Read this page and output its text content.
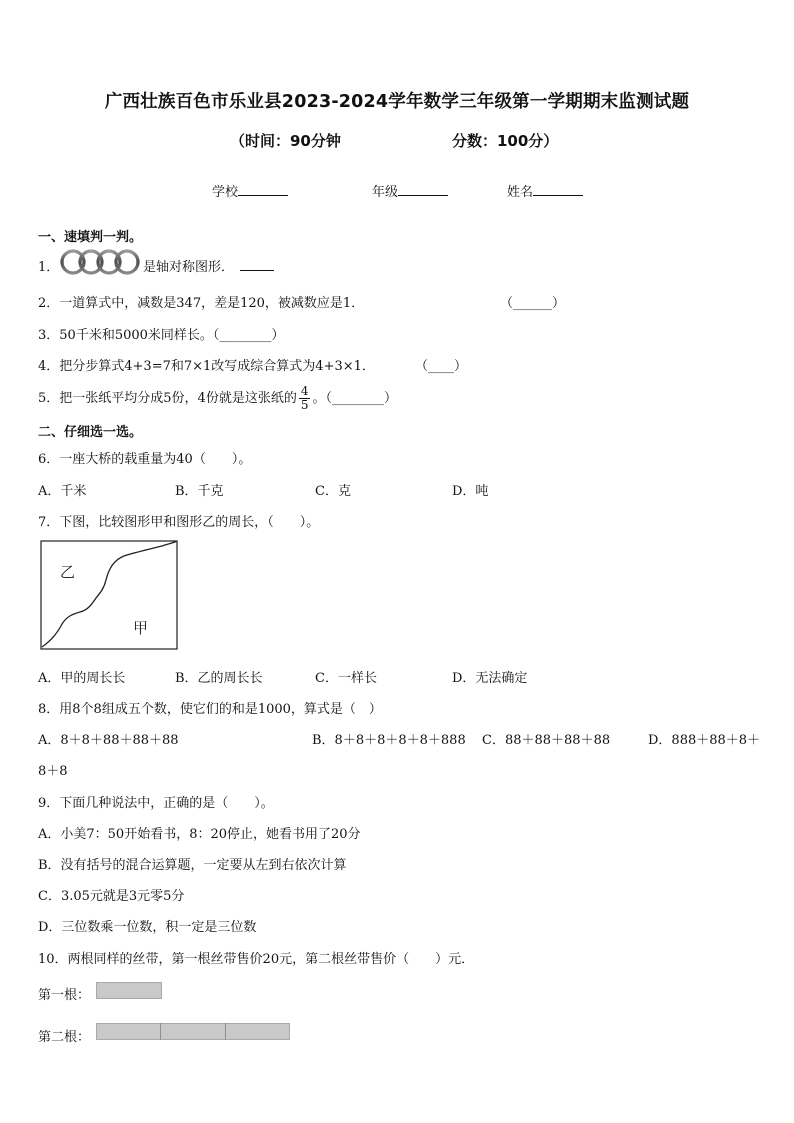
广西壮族百色市乐业县2023-2024学年数学三年级第一学期期末监测试题
（时间：90分钟	分数：100分）
学校	年级	姓名
一、速填判一判。
1．	是轴对称图形．
2．一道算式中，减数是347，差是120，被减数应是1．	（______）
3．50千米和5000米同样长。（________）
4．把分步算式4+3=7和7×1改写成综合算式为4+3×1．	（____）
5．把一张纸平均分成5份，4份就是这张纸的 $\frac{4}{5}$ 。（________）
二、仔细选一选。
6．一座大桥的载重量为40（　　）。
A．千米	B．千克	C．克	D．吨
7．下图，比较图形甲和图形乙的周长，（　　）。
乙
甲
A．甲的周长长	B．乙的周长长	C．一样长	D．无法确定
8．用8个8组成五个数，使它们的和是1000，算式是（　）
A．8＋8＋88＋88＋88	B．8＋8＋8＋8＋8＋888 C．88＋88＋88＋88	D．888＋88＋8＋
8＋8
9．下面几种说法中，正确的是（　　）。
A．小美7：50开始看书，8：20停止，她看书用了20分
B．没有括号的混合运算题，一定要从左到右依次计算
C．3.05元就是3元零5分
D．三位数乘一位数，积一定是三位数
10．两根同样的丝带，第一根丝带售价20元，第二根丝带售价（　　）元．
第一根：
第二根：
